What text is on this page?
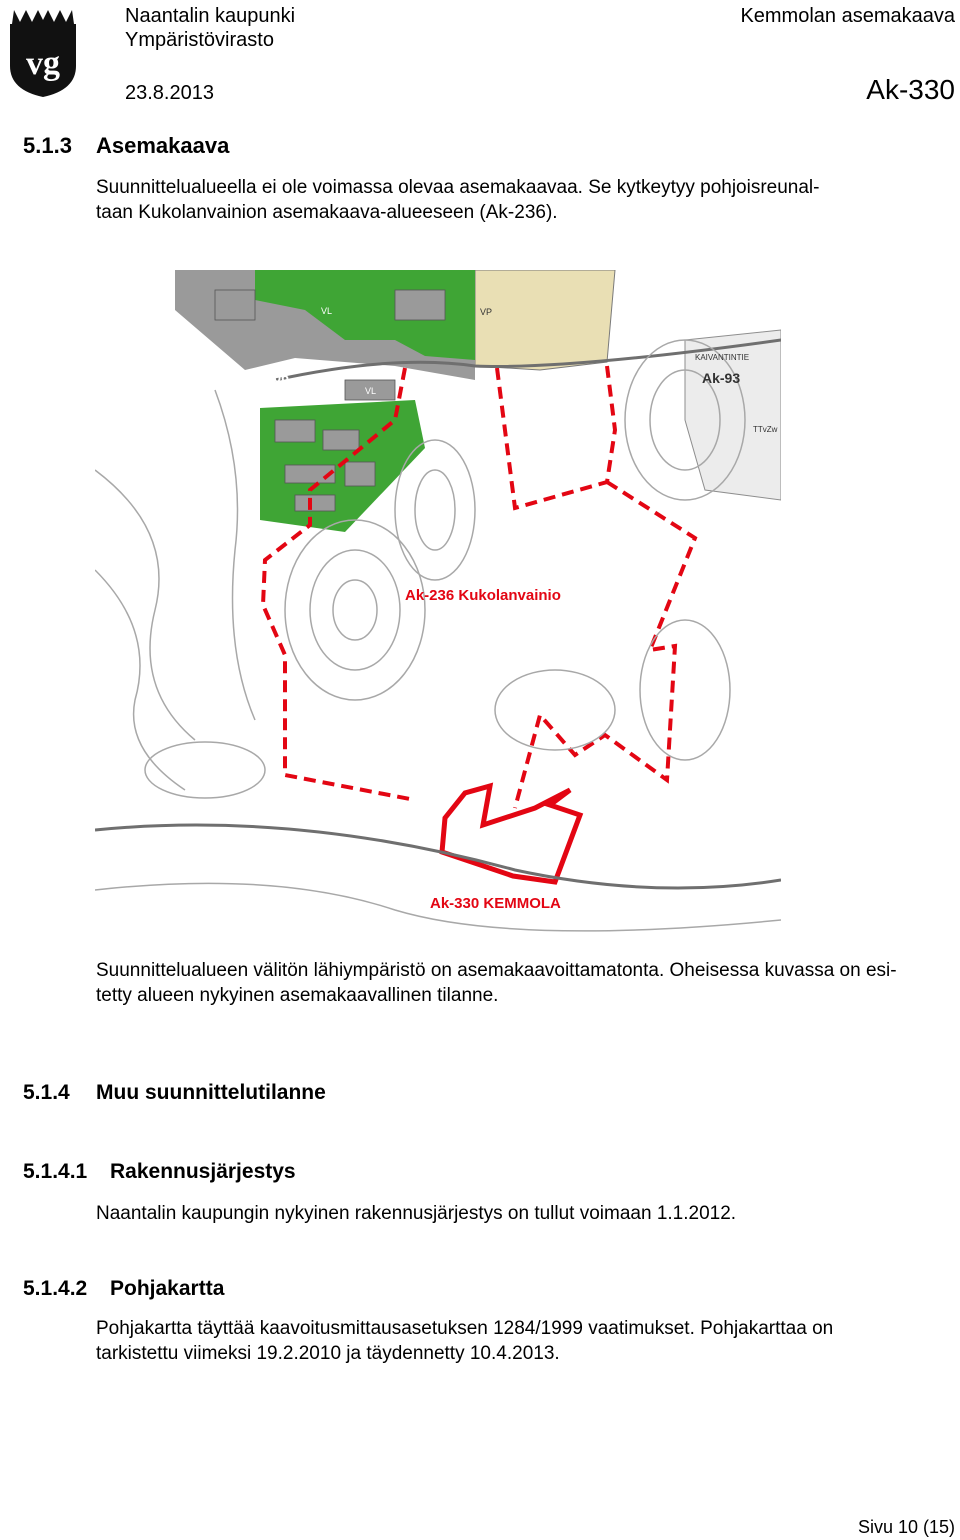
vg
Naantalin kaupunki
Ympäristövirasto
23.8.2013
Kemmolan asemakaava
Ak-330
5.1.3 Asemakaava
Suunnittelualueella ei ole voimassa olevaa asemakaavaa. Se kytkeytyy pohjoisreunal-
taan Kukolanvainion asemakaava-alueeseen (Ak-236).
Ak-206
VL
VL
VP
KAIVANTINTIE
Ak-93
TTvZw
Ak-236 Kukolanvainio
Ak-330 KEMMOLA
Suunnittelualueen välitön lähiympäristö on asemakaavoittamatonta. Oheisessa kuvassa on esi-
tetty alueen nykyinen asemakaavallinen tilanne.
5.1.4 Muu suunnittelutilanne
5.1.4.1 Rakennusjärjestys
Naantalin kaupungin nykyinen rakennusjärjestys on tullut voimaan 1.1.2012.
5.1.4.2 Pohjakartta
Pohjakartta täyttää kaavoitusmittausasetuksen 1284/1999 vaatimukset. Pohjakarttaa on
tarkistettu viimeksi 19.2.2010 ja täydennetty 10.4.2013.
Sivu 10 (15)
